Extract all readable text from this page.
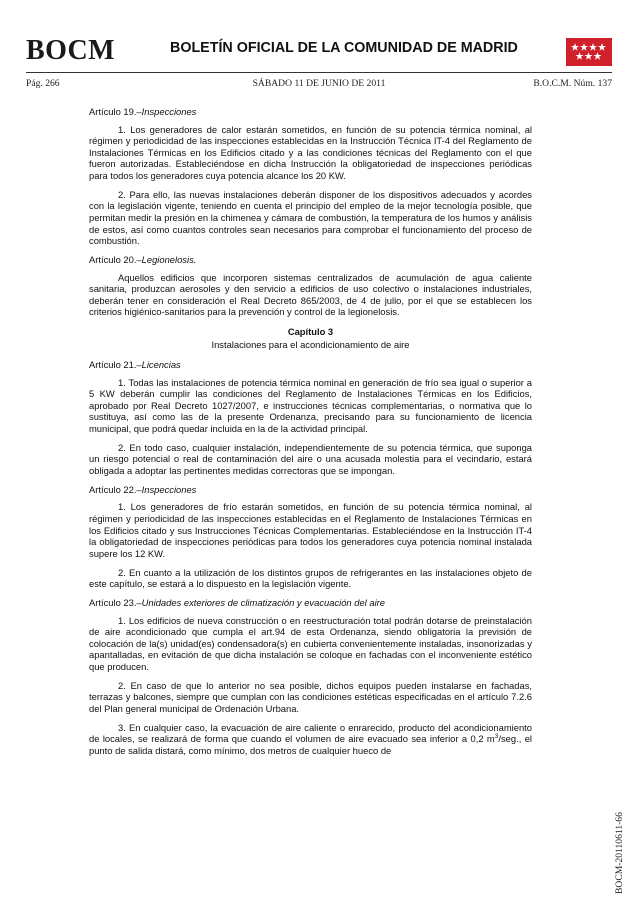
BOCM	BOLETÍN OFICIAL DE LA COMUNIDAD DE MADRID
Pág. 266	SÁBADO 11 DE JUNIO DE 2011	B.O.C.M. Núm. 137

Artículo 19.–Inspecciones

1. Los generadores de calor estarán sometidos, en función de su potencia térmica nominal, al régimen y periodicidad de las inspecciones establecidas en la Instrucción Técnica IT-4 del Reglamento de Instalaciones Térmicas en los Edificios citado y a las condiciones técnicas del Reglamento con el que fueron autorizadas. Estableciéndose en dicha Instrucción la obligatoriedad de inspecciones periódicas para todos los generadores cuya potencia alcance los 20 KW.

2. Para ello, las nuevas instalaciones deberán disponer de los dispositivos adecuados y acordes con la legislación vigente, teniendo en cuenta el principio del empleo de la mejor tecnología posible, que permitan medir la presión en la chimenea y cámara de combustión, la temperatura de los humos y análisis de estos, así como cuantos controles sean necesarios para comprobar el funcionamiento del proceso de combustión.

Artículo 20.–Legionelosis.

Aquellos edificios que incorporen sistemas centralizados de acumulación de agua caliente sanitaria, produzcan aerosoles y den servicio a edificios de uso colectivo o instalaciones industriales, deberán tener en consideración el Real Decreto 865/2003, de 4 de julio, por el que se establecen los criterios higiénico-sanitarios para la prevención y control de la legionelosis.

Capítulo 3

Instalaciones para el acondicionamiento de aire

Artículo 21.–Licencias

1. Todas las instalaciones de potencia térmica nominal en generación de frío sea igual o superior a 5 KW deberán cumplir las condiciones del Reglamento de Instalaciones Térmicas en los Edificios, aprobado por Real Decreto 1027/2007, e instrucciones técnicas complementarias, o normativa que lo sustituya, así como las de la presente Ordenanza, precisando para su funcionamiento de licencia municipal, que podrá quedar incluida en la de la actividad principal.

2. En todo caso, cualquier instalación, independientemente de su potencia térmica, que suponga un riesgo potencial o real de contaminación del aire o una acusada molestia para el vecindario, estará obligada a adoptar las pertinentes medidas correctoras que se impongan.

Artículo 22.–Inspecciones

1. Los generadores de frío estarán sometidos, en función de su potencia térmica nominal, al régimen y periodicidad de las inspecciones establecidas en el Reglamento de Instalaciones Térmicas en los Edificios citado y sus Instrucciones Técnicas Complementarias. Estableciéndose en la Instrucción IT-4 la obligatoriedad de inspecciones periódicas para todos los generadores cuya potencia nominal instalada supere los 12 KW.

2. En cuanto a la utilización de los distintos grupos de refrigerantes en las instalaciones objeto de este capítulo, se estará a lo dispuesto en la legislación vigente.

Artículo 23.–Unidades exteriores de climatización y evacuación del aire

1. Los edificios de nueva construcción o en reestructuración total podrán dotarse de preinstalación de aire acondicionado que cumpla el art.94 de esta Ordenanza, siendo obligatoria la previsión de colocación de la(s) unidad(es) condensadora(s) en cubierta convenientemente instaladas, insonorizadas y apantalladas, en evitación de que dicha instalación se coloque en fachadas con el inconveniente estético que producen.

2. En caso de que lo anterior no sea posible, dichos equipos pueden instalarse en fachadas, terrazas y balcones, siempre que cumplan con las condiciones estéticas especificadas en el artículo 7.2.6 del Plan general municipal de Ordenación Urbana.

3. En cualquier caso, la evacuación de aire caliente o enrarecido, producto del acondicionamiento de locales, se realizará de forma que cuando el volumen de aire evacuado sea inferior a 0,2 $m^3$/seg., el punto de salida distará, como mínimo, dos metros de cualquier hueco de

BOCM-20110611-66
